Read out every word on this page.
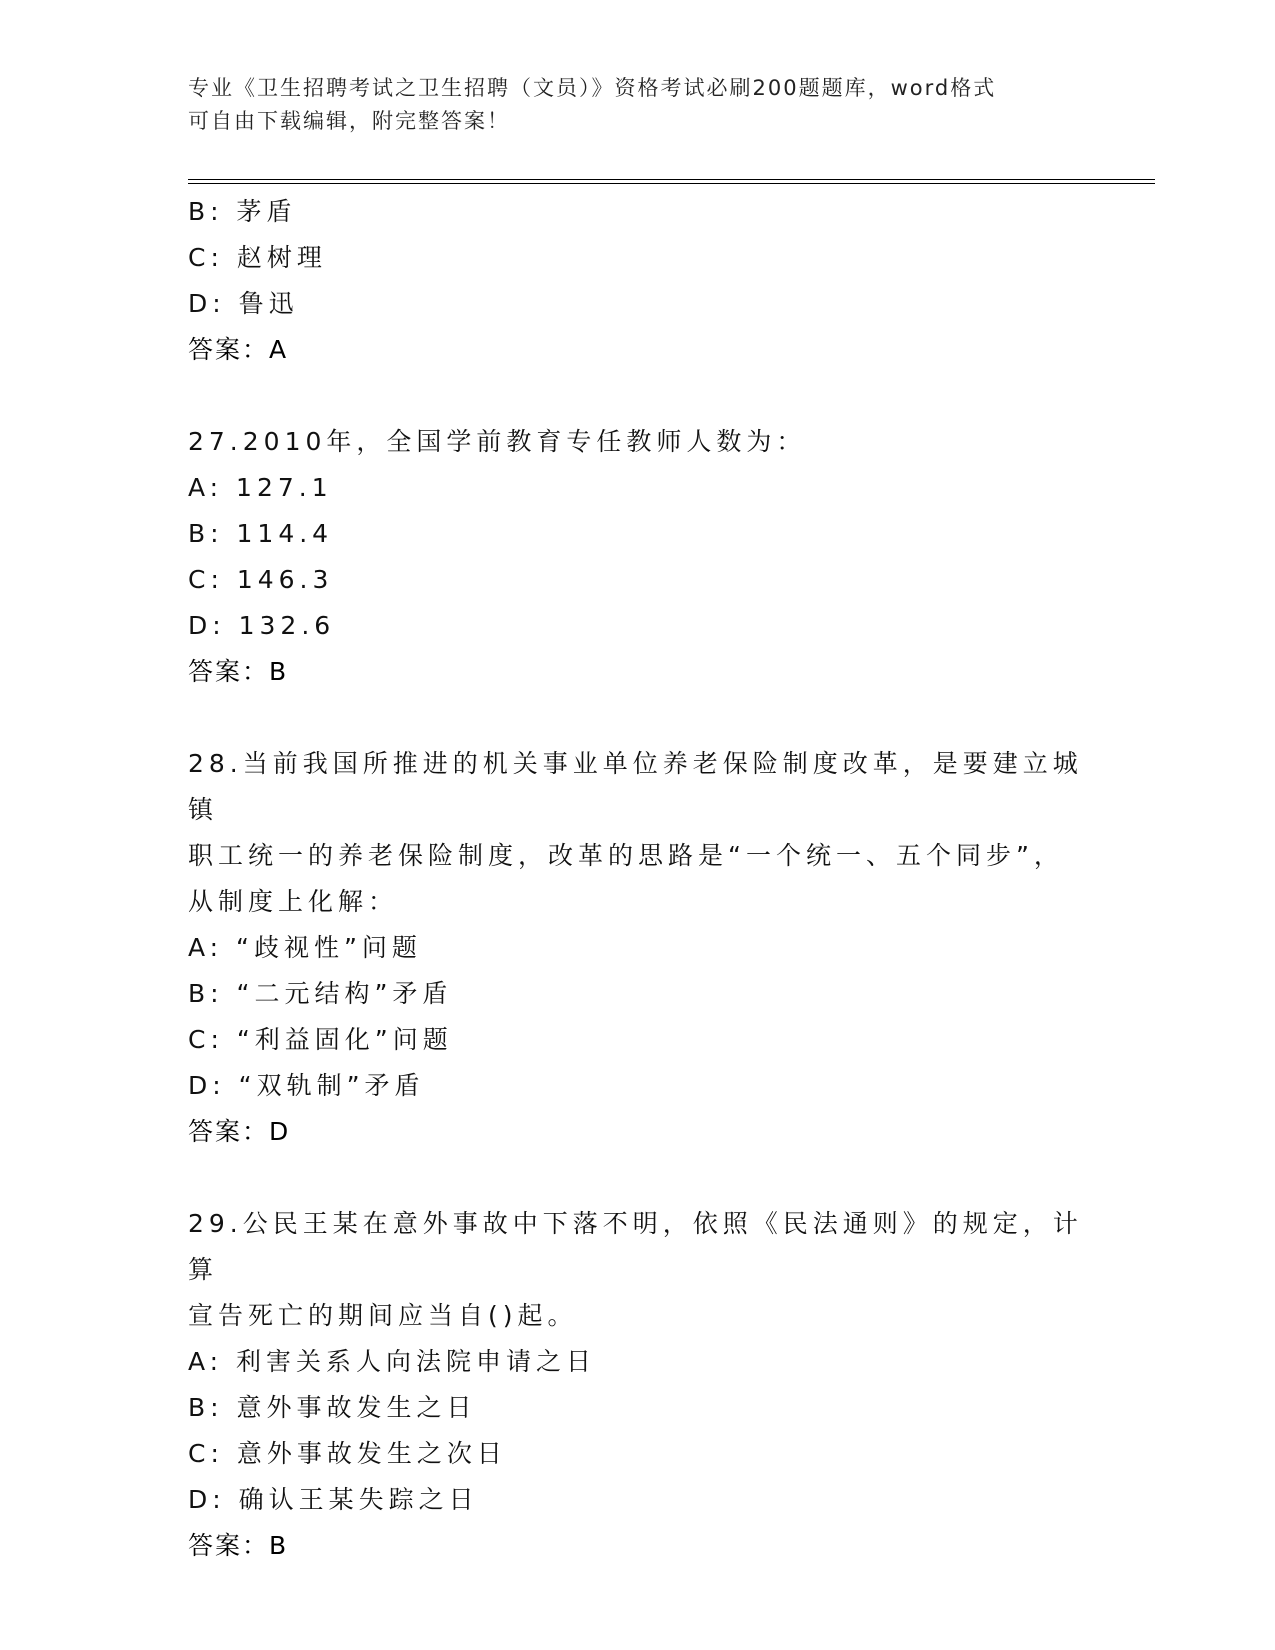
专业《卫生招聘考试之卫生招聘（文员）》资格考试必刷200题题库，word格式
可自由下载编辑，附完整答案！
B: 茅盾
C: 赵树理
D: 鲁迅
答案：A
27.2010年，全国学前教育专任教师人数为：
A: 127.1
B: 114.4
C: 146.3
D: 132.6
答案：B
28.当前我国所推进的机关事业单位养老保险制度改革，是要建立城镇
职工统一的养老保险制度，改革的思路是“一个统一、五个同步”，
从制度上化解：
A: “歧视性”问题
B: “二元结构”矛盾
C: “利益固化”问题
D: “双轨制”矛盾
答案：D
29.公民王某在意外事故中下落不明，依照《民法通则》的规定，计算
宣告死亡的期间应当自()起。
A: 利害关系人向法院申请之日
B: 意外事故发生之日
C: 意外事故发生之次日
D: 确认王某失踪之日
答案：B
